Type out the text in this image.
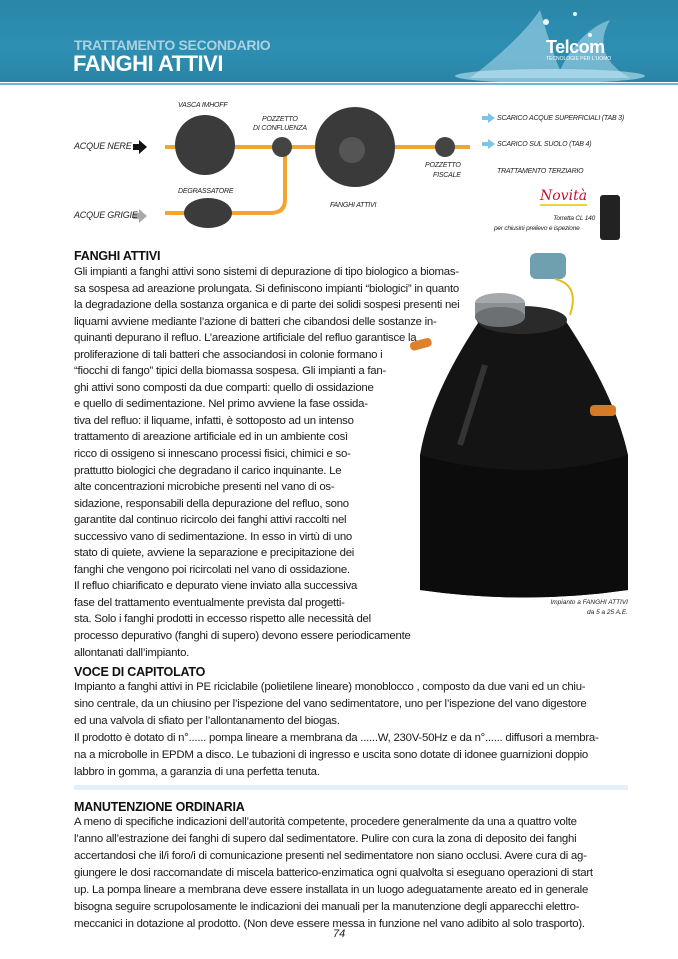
TRATTAMENTO SECONDARIO
FANGHI ATTIVI
Telcom
TECNOLOGIE PER L'UOMO
VASCA IMHOFF
POZZETTO
DI CONFLUENZA
ACQUE NERE
ACQUE GRIGIE
DEGRASSATORE
FANGHI ATTIVI
POZZETTO
FISCALE
SCARICO ACQUE SUPERFICIALI (TAB 3)
SCARICO SUL SUOLO (TAB 4)
TRATTAMENTO TERZIARIO
Novità
Torretta CL 140
per chiusini prelievo e ispezione
Impianto a FANGHI ATTIVI
da 5 a 25 A.E.
FANGHI ATTIVI
Gli impianti a fanghi attivi sono sistemi di depurazione di tipo biologico a biomas-
sa sospesa ad areazione prolungata. Si definiscono impianti “biologici” in quanto
la degradazione della sostanza organica e di parte dei solidi sospesi presenti nei
liquami avviene mediante l’azione di batteri che cibandosi delle sostanze in-
quinanti depurano il refluo. L’areazione artificiale del refluo garantisce la
proliferazione di tali batteri che associandosi in colonie formano i
“fiocchi di fango” tipici della biomassa sospesa. Gli impianti a fan-
ghi attivi sono composti da due comparti: quello di ossidazione
e quello di sedimentazione. Nel primo avviene la fase ossida-
tiva del refluo: il liquame, infatti, è sottoposto ad un intenso
trattamento di areazione artificiale ed in un ambiente così
ricco di ossigeno si innescano processi fisici, chimici e so-
prattutto biologici che degradano il carico inquinante. Le
alte concentrazioni microbiche presenti nel vano di os-
sidazione, responsabili della depurazione del refluo, sono
garantite dal continuo ricircolo dei fanghi attivi raccolti nel
successivo vano di sedimentazione. In esso in virtù di uno
stato di quiete, avviene la separazione e precipitazione dei
fanghi che vengono poi ricircolati nel vano di ossidazione.
Il refluo chiarificato e depurato viene inviato alla successiva
fase del trattamento eventualmente prevista dal progetti-
sta. Solo i fanghi prodotti in eccesso rispetto alle necessità del
processo depurativo (fanghi di supero) devono essere periodicamente
allontanati dall’impianto.
VOCE DI CAPITOLATO
Impianto a fanghi attivi in PE riciclabile (polietilene lineare) monoblocco , composto da due vani ed un chiu-
sino centrale, da un chiusino per l’ispezione del vano sedimentatore, uno per l’ispezione del vano digestore
ed una valvola di sfiato per l’allontanamento del biogas.
Il prodotto è dotato di n°...... pompa lineare a membrana da ......W, 230V-50Hz e da n°...... diffusori a membra-
na a microbolle in EPDM a disco. Le tubazioni di ingresso e uscita sono dotate di idonee guarnizioni doppio
labbro in gomma, a garanzia di una perfetta tenuta.
MANUTENZIONE ORDINARIA
A meno di specifiche indicazioni dell’autorità competente, procedere generalmente da una a quattro volte
l’anno all’estrazione dei fanghi di supero dal sedimentatore. Pulire con cura la zona di deposito dei fanghi
accertandosi che il/i foro/i di comunicazione presenti nel sedimentatore non siano occlusi. Avere cura di ag-
giungere le dosi raccomandate di miscela batterico-enzimatica ogni qualvolta si eseguano operazioni di start
up. La pompa lineare a membrana deve essere installata in un luogo adeguatamente areato ed in generale
bisogna seguire scrupolosamente le indicazioni dei manuali per la manutenzione degli apparecchi elettro-
meccanici in dotazione al prodotto. (Non deve essere messa in funzione nel vano adibito al solo trasporto).
74
